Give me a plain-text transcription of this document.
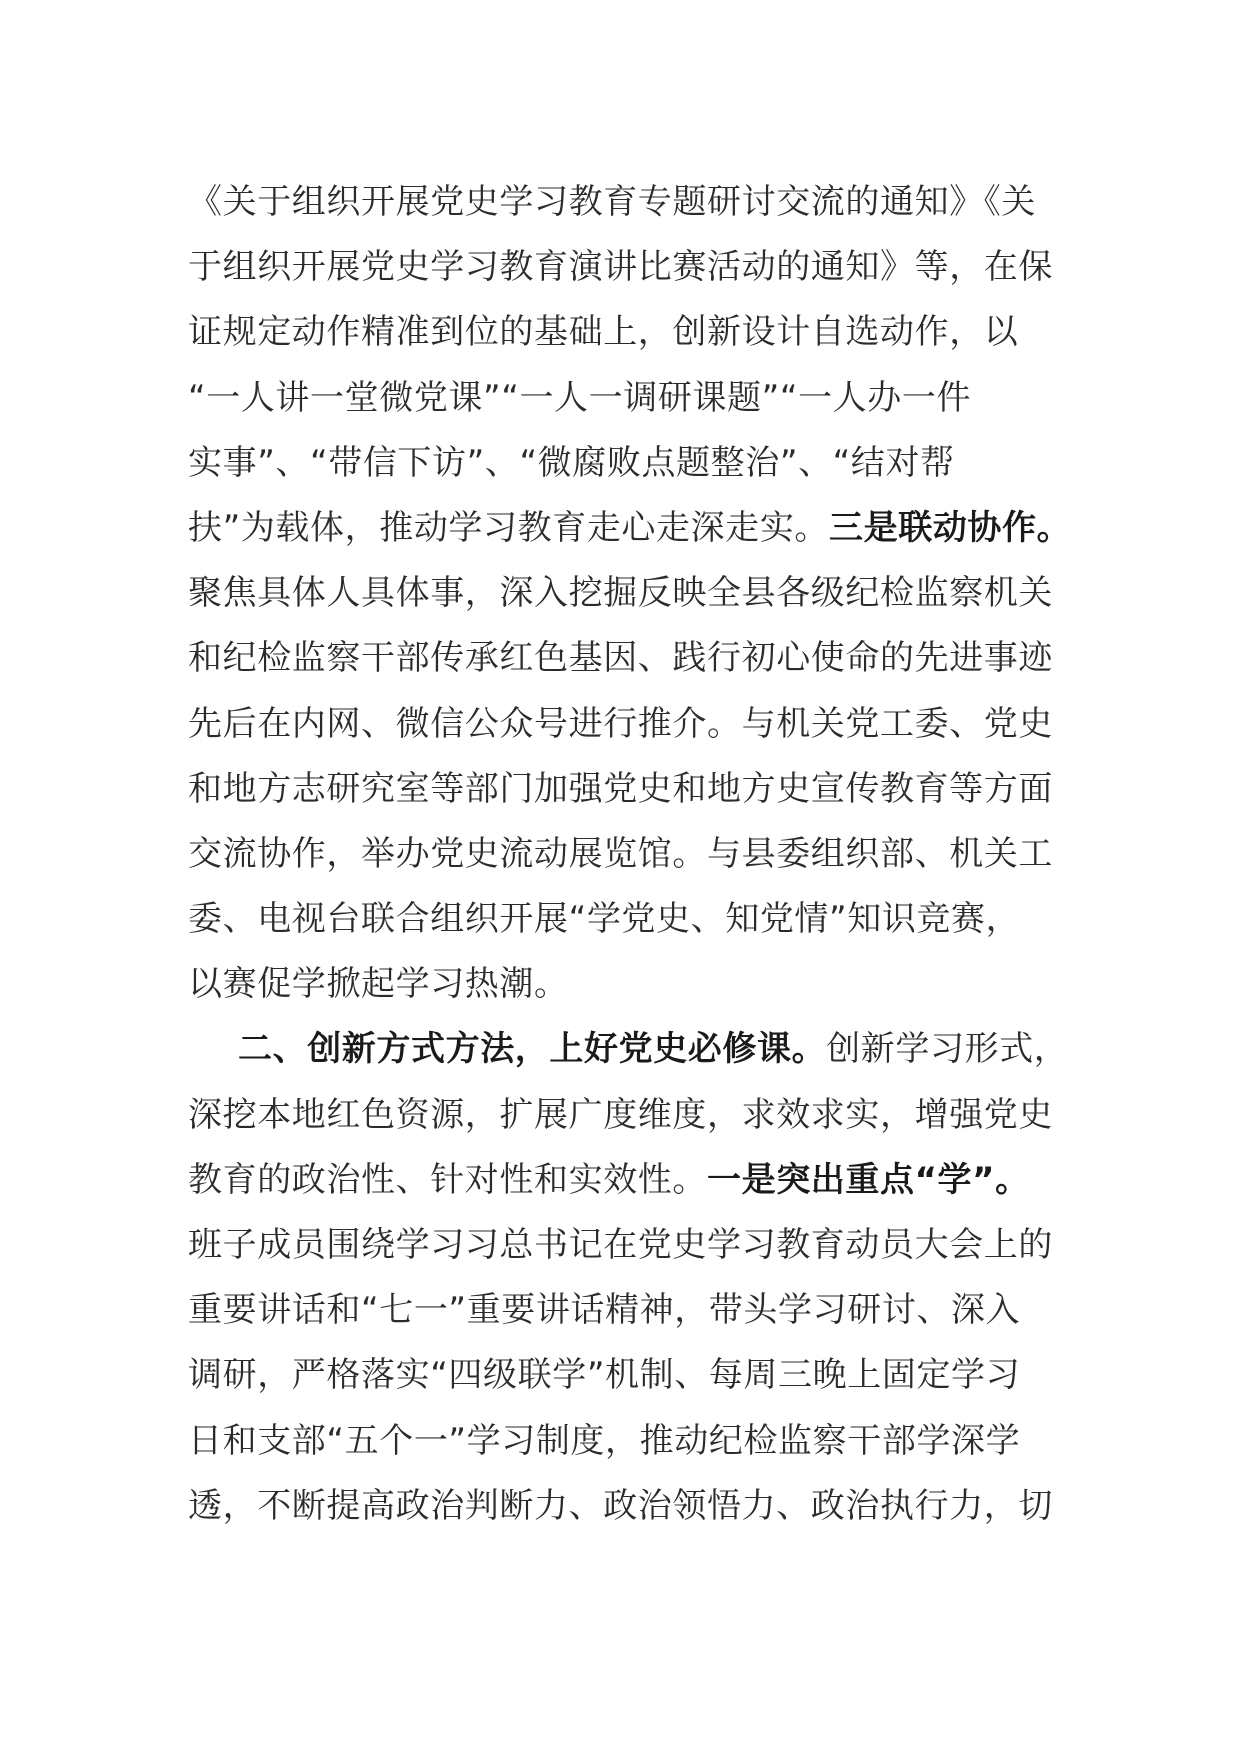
《关于组织开展党史学习教育专题研讨交流的通知》《关
于组织开展党史学习教育演讲比赛活动的通知》等，在保
证规定动作精准到位的基础上，创新设计自选动作，以
“一人讲一堂微党课”“一人一调研课题”“一人办一件
实事”、“带信下访”、“微腐败点题整治”、“结对帮
扶”为载体，推动学习教育走心走深走实。三是联动协作。
聚焦具体人具体事，深入挖掘反映全县各级纪检监察机关
和纪检监察干部传承红色基因、践行初心使命的先进事迹
先后在内网、微信公众号进行推介。与机关党工委、党史
和地方志研究室等部门加强党史和地方史宣传教育等方面
交流协作，举办党史流动展览馆。与县委组织部、机关工
委、电视台联合组织开展“学党史、知党情”知识竞赛，
以赛促学掀起学习热潮。
二、创新方式方法，上好党史必修课。创新学习形式，
深挖本地红色资源，扩展广度维度，求效求实，增强党史
教育的政治性、针对性和实效性。一是突出重点“学”。
班子成员围绕学习习总书记在党史学习教育动员大会上的
重要讲话和“七一”重要讲话精神，带头学习研讨、深入
调研，严格落实“四级联学”机制、每周三晚上固定学习
日和支部“五个一”学习制度，推动纪检监察干部学深学
透，不断提高政治判断力、政治领悟力、政治执行力，切
